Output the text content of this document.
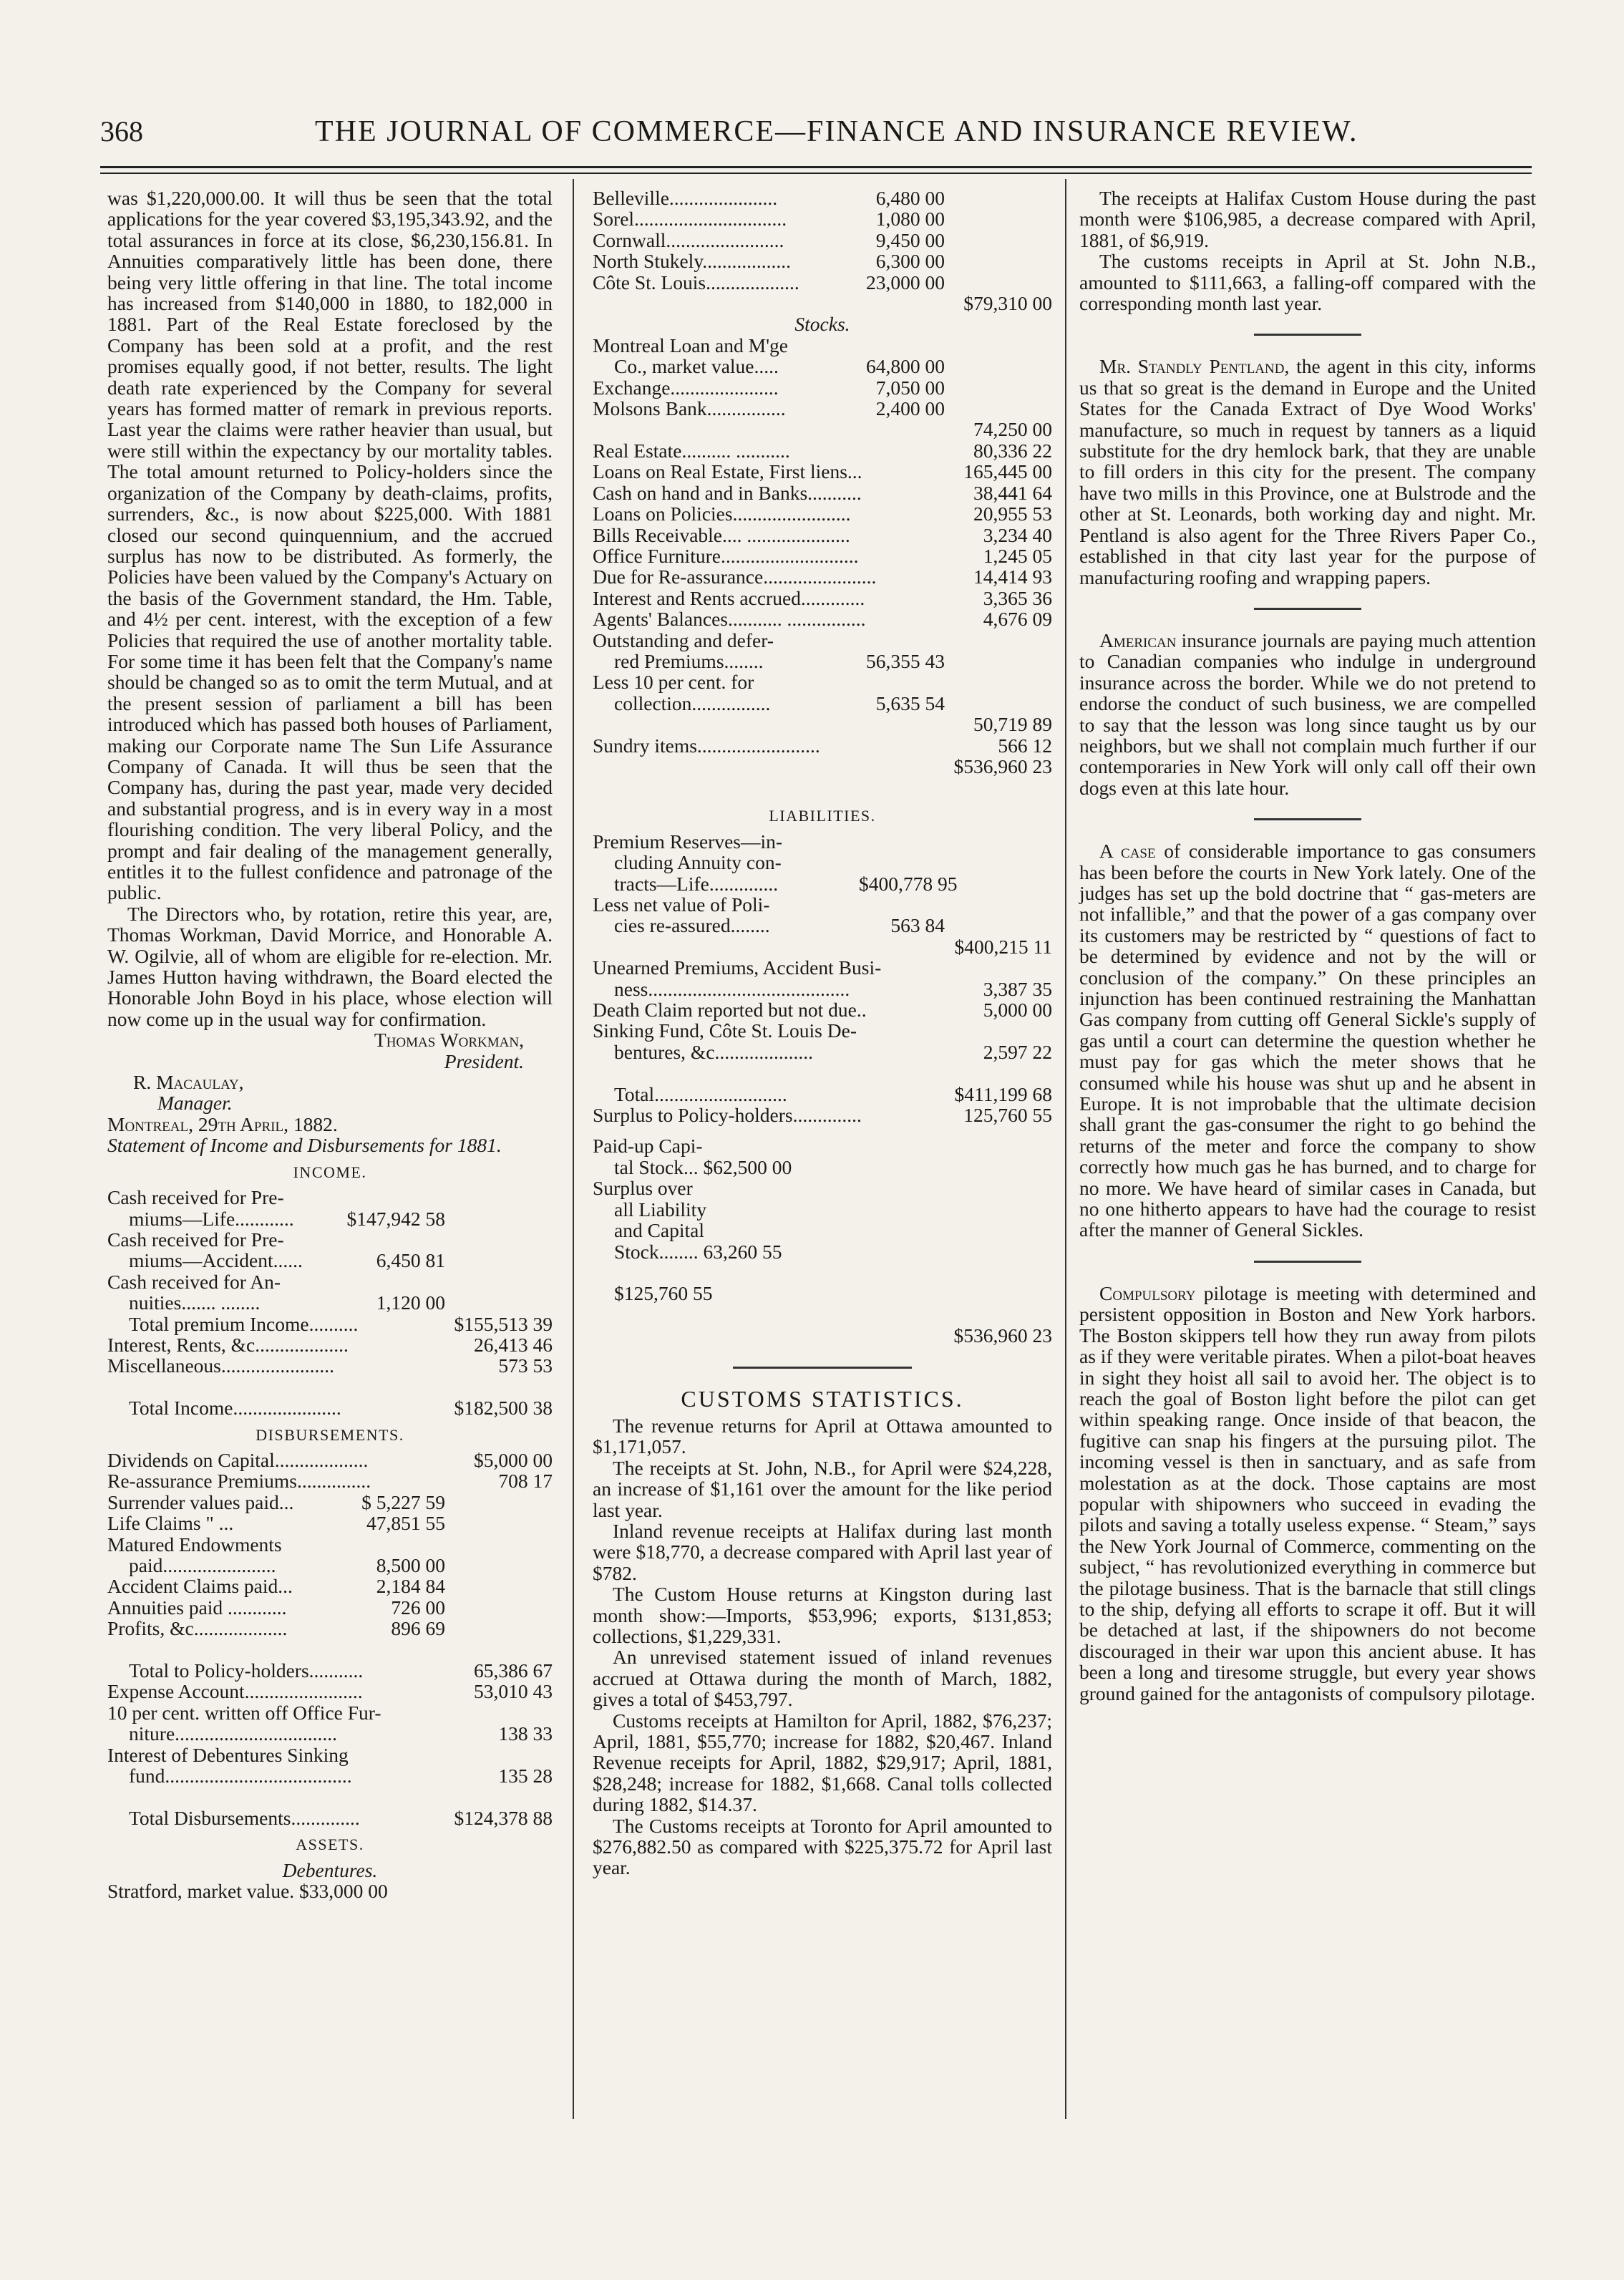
368	THE JOURNAL OF COMMERCE—FINANCE AND INSURANCE REVIEW.

was $1,220,000.00. It will thus be seen that the total applications for the year covered $3,195,343.92, and the total assurances in force at its close, $6,230,156.81. In Annuities comparatively little has been done, there being very little offering in that line. The total income has increased from $140,000 in 1880, to 182,000 in 1881. Part of the Real Estate foreclosed by the Company has been sold at a profit, and the rest promises equally good, if not better, results. The light death rate experienced by the Company for several years has formed matter of remark in previous reports. Last year the claims were rather heavier than usual, but were still within the expectancy by our mortality tables. The total amount returned to Policy-holders since the organization of the Company by death-claims, profits, surrenders, &c., is now about $225,000. With 1881 closed our second quinquennium, and the accrued surplus has now to be distributed. As formerly, the Policies have been valued by the Company's Actuary on the basis of the Government standard, the Hm. Table, and 4½ per cent. interest, with the exception of a few Policies that required the use of another mortality table. For some time it has been felt that the Company's name should be changed so as to omit the term Mutual, and at the present session of parliament a bill has been introduced which has passed both houses of Parliament, making our Corporate name The Sun Life Assurance Company of Canada. It will thus be seen that the Company has, during the past year, made very decided and substantial progress, and is in every way in a most flourishing condition. The very liberal Policy, and the prompt and fair dealing of the management generally, entitles it to the fullest confidence and patronage of the public.

The Directors who, by rotation, retire this year, are, Thomas Workman, David Morrice, and Honorable A. W. Ogilvie, all of whom are eligible for re-election. Mr. James Hutton having withdrawn, the Board elected the Honorable John Boyd in his place, whose election will now come up in the usual way for confirmation.

Thomas Workman,
President.
R. Macaulay,
Manager.
Montreal, 29th April, 1882.
Statement of Income and Disbursements for 1881.
INCOME.
Cash received for Pre-
miums—Life............	$147,942 58
Cash received for Pre-
miums—Accident......	6,450 81
Cash received for An-
nuities....... ........	1,120 00
Total premium Income..........	$155,513 39
Interest, Rents, &c...................	26,413 46
Miscellaneous.......................	573 53

Total Income......................	$182,500 38
DISBURSEMENTS.
Dividends on Capital...................	$5,000 00
Re-assurance Premiums...............	708 17
Surrender values paid...	$ 5,227 59
Life Claims " ...	47,851 55
Matured Endowments
paid.......................	8,500 00
Accident Claims paid...	2,184 84
Annuities paid ............	726 00
Profits, &c...................	896 69

Total to Policy-holders...........	65,386 67
Expense Account........................	53,010 43
10 per cent. written off Office Fur-
niture.................................	138 33
Interest of Debentures Sinking
fund......................................	135 28

Total Disbursements..............	$124,378 88
ASSETS.
Debentures.
Stratford, market value. $33,000 00
Belleville......................	6,480 00
Sorel...............................	1,080 00
Cornwall........................	9,450 00
North Stukely..................	6,300 00
Côte St. Louis...................	23,000 00

$79,310 00
Stocks.
Montreal Loan and M'ge
Co., market value.....	64,800 00
Exchange......................	7,050 00
Molsons Bank................	2,400 00

74,250 00
Real Estate.......... ...........	80,336 22
Loans on Real Estate, First liens...	165,445 00
Cash on hand and in Banks...........	38,441 64
Loans on Policies........................	20,955 53
Bills Receivable.... .....................	3,234 40
Office Furniture............................	1,245 05
Due for Re-assurance.......................	14,414 93
Interest and Rents accrued.............	3,365 36
Agents' Balances........... ................	4,676 09
Outstanding and defer-
red Premiums........	56,355 43
Less 10 per cent. for
collection................	5,635 54

50,719 89
Sundry items.........................	566 12

$536,960 23
LIABILITIES.
Premium Reserves—in-
cluding Annuity con-
tracts—Life..............	$400,778 95
Less net value of Poli-
cies re-assured........	563 84

$400,215 11
Unearned Premiums, Accident Busi-
ness.........................................	3,387 35
Death Claim reported but not due..	5,000 00
Sinking Fund, Côte St. Louis De-
bentures, &c....................	2,597 22

Total...........................	$411,199 68
Surplus to Policy-holders..............	125,760 55
Paid-up Capi-
tal Stock... $62,500 00
Surplus over
all Liability
and Capital
Stock........ 63,260 55

$125,760 55

$536,960 23
CUSTOMS STATISTICS.

The revenue returns for April at Ottawa amounted to $1,171,057.

The receipts at St. John, N.B., for April were $24,228, an increase of $1,161 over the amount for the like period last year.

Inland revenue receipts at Halifax during last month were $18,770, a decrease compared with April last year of $782.

The Custom House returns at Kingston during last month show:—Imports, $53,996; exports, $131,853; collections, $1,229,331.

An unrevised statement issued of inland revenues accrued at Ottawa during the month of March, 1882, gives a total of $453,797.

Customs receipts at Hamilton for April, 1882, $76,237; April, 1881, $55,770; increase for 1882, $20,467. Inland Revenue receipts for April, 1882, $29,917; April, 1881, $28,248; increase for 1882, $1,668. Canal tolls collected during 1882, $14.37.

The Customs receipts at Toronto for April amounted to $276,882.50 as compared with $225,375.72 for April last year.

The receipts at Halifax Custom House during the past month were $106,985, a decrease compared with April, 1881, of $6,919.

The customs receipts in April at St. John N.B., amounted to $111,663, a falling-off compared with the corresponding month last year.

Mr. Standly Pentland, the agent in this city, informs us that so great is the demand in Europe and the United States for the Canada Extract of Dye Wood Works' manufacture, so much in request by tanners as a liquid substitute for the dry hemlock bark, that they are unable to fill orders in this city for the present. The company have two mills in this Province, one at Bulstrode and the other at St. Leonards, both working day and night. Mr. Pentland is also agent for the Three Rivers Paper Co., established in that city last year for the purpose of manufacturing roofing and wrapping papers.

American insurance journals are paying much attention to Canadian companies who indulge in underground insurance across the border. While we do not pretend to endorse the conduct of such business, we are compelled to say that the lesson was long since taught us by our neighbors, but we shall not complain much further if our contemporaries in New York will only call off their own dogs even at this late hour.

A case of considerable importance to gas consumers has been before the courts in New York lately. One of the judges has set up the bold doctrine that “ gas-meters are not infallible,” and that the power of a gas company over its customers may be restricted by “ questions of fact to be determined by evidence and not by the will or conclusion of the company.” On these principles an injunction has been continued restraining the Manhattan Gas company from cutting off General Sickle's supply of gas until a court can determine the question whether he must pay for gas which the meter shows that he consumed while his house was shut up and he absent in Europe. It is not improbable that the ultimate decision shall grant the gas-consumer the right to go behind the returns of the meter and force the company to show correctly how much gas he has burned, and to charge for no more. We have heard of similar cases in Canada, but no one hitherto appears to have had the courage to resist after the manner of General Sickles.

Compulsory pilotage is meeting with determined and persistent opposition in Boston and New York harbors. The Boston skippers tell how they run away from pilots as if they were veritable pirates. When a pilot-boat heaves in sight they hoist all sail to avoid her. The object is to reach the goal of Boston light before the pilot can get within speaking range. Once inside of that beacon, the fugitive can snap his fingers at the pursuing pilot. The incoming vessel is then in sanctuary, and as safe from molestation as at the dock. Those captains are most popular with shipowners who succeed in evading the pilots and saving a totally useless expense. “ Steam,” says the New York Journal of Commerce, commenting on the subject, “ has revolutionized everything in commerce but the pilotage business. That is the barnacle that still clings to the ship, defying all efforts to scrape it off. But it will be detached at last, if the shipowners do not become discouraged in their war upon this ancient abuse. It has been a long and tiresome struggle, but every year shows ground gained for the antagonists of compulsory pilotage.
